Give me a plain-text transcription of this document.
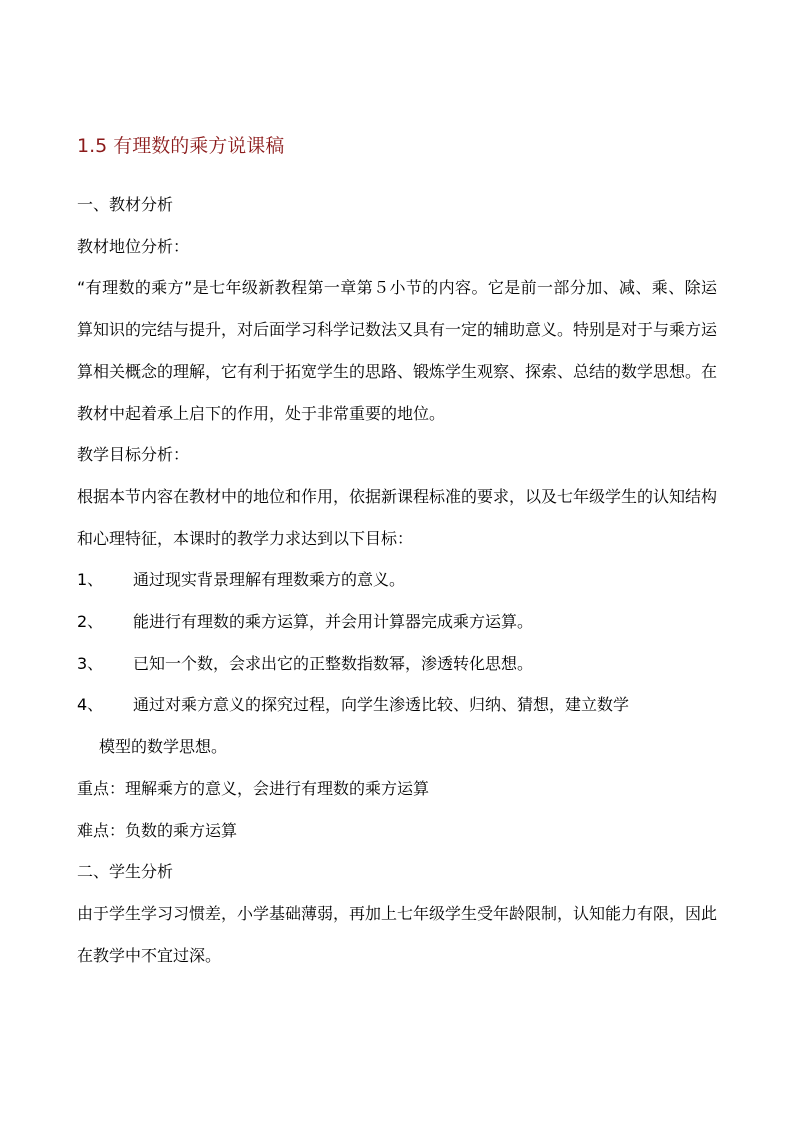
1.5 有理数的乘方说课稿

一、教材分析

教材地位分析：

“有理数的乘方”是七年级新教程第一章第５小节的内容。它是前一部分加、减、乘、除运算知识的完结与提升，对后面学习科学记数法又具有一定的辅助意义。特别是对于与乘方运算相关概念的理解，它有利于拓宽学生的思路、锻炼学生观察、探索、总结的数学思想。在教材中起着承上启下的作用，处于非常重要的地位。

教学目标分析：

根据本节内容在教材中的地位和作用，依据新课程标准的要求，以及七年级学生的认知结构和心理特征，本课时的教学力求达到以下目标：

1、 通过现实背景理解有理数乘方的意义。
2、 能进行有理数的乘方运算，并会用计算器完成乘方运算。
3、 已知一个数，会求出它的正整数指数幂，渗透转化思想。
4、 通过对乘方意义的探究过程，向学生渗透比较、归纳、猜想，建立数学
模型的数学思想。

重点：理解乘方的意义，会进行有理数的乘方运算

难点：负数的乘方运算

二、学生分析

由于学生学习习惯差，小学基础薄弱，再加上七年级学生受年龄限制，认知能力有限，因此在教学中不宜过深。
